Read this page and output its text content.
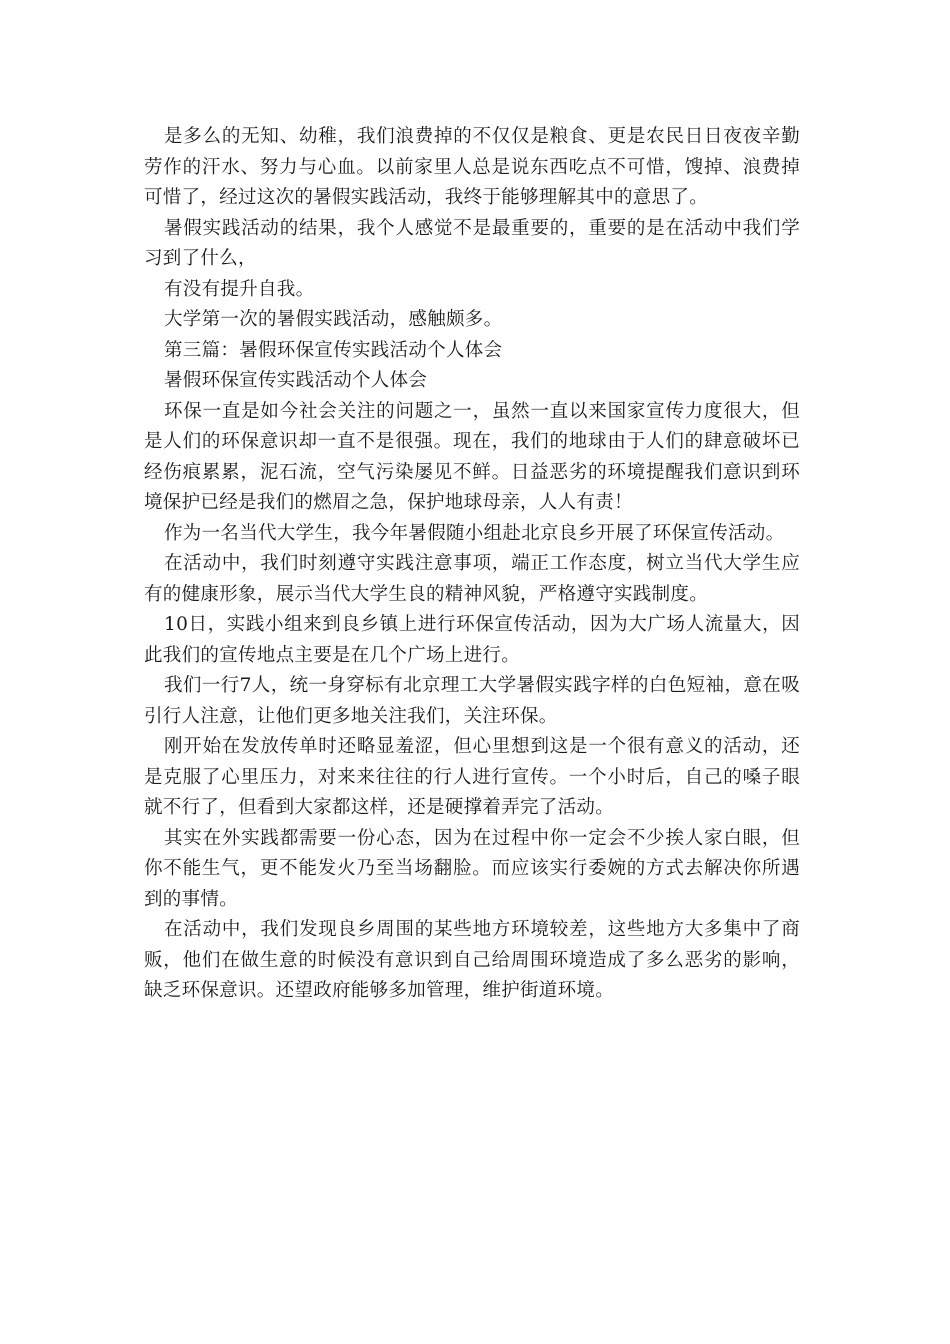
是多么的无知、幼稚，我们浪费掉的不仅仅是粮食、更是农民日日夜夜辛勤劳作的汗水、努力与心血。以前家里人总是说东西吃点不可惜，馊掉、浪费掉可惜了，经过这次的暑假实践活动，我终于能够理解其中的意思了。

暑假实践活动的结果，我个人感觉不是最重要的，重要的是在活动中我们学习到了什么，

有没有提升自我。

大学第一次的暑假实践活动，感触颇多。

第三篇：暑假环保宣传实践活动个人体会

暑假环保宣传实践活动个人体会

环保一直是如今社会关注的问题之一，虽然一直以来国家宣传力度很大，但是人们的环保意识却一直不是很强。现在，我们的地球由于人们的肆意破坏已经伤痕累累，泥石流，空气污染屡见不鲜。日益恶劣的环境提醒我们意识到环境保护已经是我们的燃眉之急，保护地球母亲，人人有责！

作为一名当代大学生，我今年暑假随小组赴北京良乡开展了环保宣传活动。

在活动中，我们时刻遵守实践注意事项，端正工作态度，树立当代大学生应有的健康形象，展示当代大学生良的精神风貌，严格遵守实践制度。

10日，实践小组来到良乡镇上进行环保宣传活动，因为大广场人流量大，因此我们的宣传地点主要是在几个广场上进行。

我们一行7人，统一身穿标有北京理工大学暑假实践字样的白色短袖，意在吸引行人注意，让他们更多地关注我们，关注环保。

刚开始在发放传单时还略显羞涩，但心里想到这是一个很有意义的活动，还是克服了心里压力，对来来往往的行人进行宣传。一个小时后，自己的嗓子眼就不行了，但看到大家都这样，还是硬撑着弄完了活动。

其实在外实践都需要一份心态，因为在过程中你一定会不少挨人家白眼，但你不能生气，更不能发火乃至当场翻脸。而应该实行委婉的方式去解决你所遇到的事情。

在活动中，我们发现良乡周围的某些地方环境较差，这些地方大多集中了商贩，他们在做生意的时候没有意识到自己给周围环境造成了多么恶劣的影响，缺乏环保意识。还望政府能够多加管理，维护街道环境。
